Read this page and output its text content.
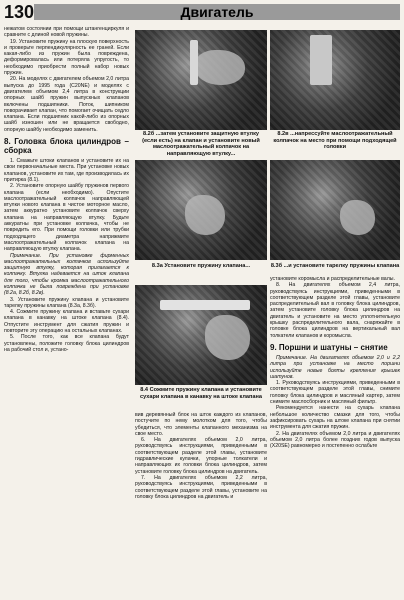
130	Двигатель

нежатом состоянии при помощи штангенциркуля и сравните с длиной новой пружины.

19. Установите пружину на плоскую поверхность и проверьте перпендикулярность ее граней. Если какая-либо из пружин была повреждена, деформировалась или потеряла упругость, то необходимо приобрести полный набор новых пружин.

20. На моделях с двигателем объемом 2,0 литра выпуска до 1995 года (C20NE) и моделях с двигателем объемом 2,4 литра в конструкции опорных шайб пружин выпускных клапанов включены подшипники. Поток, шипником поворачивает клапан, что помогает очищать седло клапана. Если подшипник какой-либо из опорных шайб изношен или не вращается свободно, опорную шайбу необходимо заменить.

8. Головка блока цилиндров – сборка

1. Смажьте штоки клапанов и установите их на свои первоначальные места. При установке новых клапанов, установите их там, где производилась их притирка (8.1).

2. Установите опорную шайбу пружинов первого клапана (если необходимо). Опустите маслоотражательный колпачок направляющей втулки нового клапана в чистое моторное масло, затем аккуратно установите колпачок сверху клапана на направляющую втулку. Будьте аккуратны при установке колпачка, чтобы не повредить его. При помощи головки или трубки подходящего диаметра наприжмите маслоотражательный колпачок клапана на направляющую втулку клапана.

Примечание. При установке фирменных маслоотражательных колпачков используйте защитную втулку, которая прилагается к колпачку. Втулка надевается на шток клапана для того, чтобы кромка маслоотражательного колпачка не была повреждена при установке (8.2а, 8.2б, 8.2в).

3. Установите пружину клапана и установите тарелку пружины клапана (8.3а, 8.3б).

4. Сожмите пружину клапана и вставьте сухари клапана в канавку на штоке клапана (8.4). Отпустите инструмент для сжатия пружин и повторите эту операцию на остальных клапанах.

5. После того, как все клапана будут установлены, положите головку блока цилиндров на рабочий стол и, устано-

8.2б ...затем установите защитную втулку (если есть) на клапан и установите новый маслоотражательный колпачок на направляющую втулку...
8.2в ...напрессуйте маслоотражательный колпачок на место при помощи подходящей головки
8.3а Установите пружину клапана...	8.3б ...и установите тарелку пружины клапана
8.4 Сожмите пружину клапана и установите сухари клапана в канавку на штоке клапана

вив деревянный блок на шток каждого из клапанов, постучите по нему молотком для того, чтобы убедиться, что элементы клапанного механизма на свое место.

6. На двигателях объемом 2,0 литра, руководствуясь инструкциями, приведенными в соответствующем разделе этой главы, установите гидравлические кулачки, упорные толкатели и направляющих их головки блока цилиндров, затем установите головку блока цилиндров на двигатель.

7. На двигателях объемом 2,2 литра, руководствуясь инструкциями, приведенными в соответствующем разделе этой главы, установите на головку блока цилиндров на двигатель и

установите коромысла и распределительные валы.

8. На двигателях объемом 2,4 литра, руководствуясь инструкциями, приведенными в соответствующем разделе этой главы, установите распределительный вал в головку блока цилиндров, затем установите головку блока цилиндров на двигатель и установите на место уплотнительную крышку распределительного вала, снаряжайте в головке блока цилиндров на вертикальный вал толкатели клапанов и коромысла.

9. Поршни и шатуны – снятие

Примечание. На двигателях объемом 2,0 и 2,2 литра при установке на место поршни используйте новые болты крепления крышек шатунов.

1. Руководствуясь инструкциями, приведенными в соответствующем разделе этой главы, снимите головку блока цилиндров и масляный картер, затем снимите маслосборник и масляный фильтр.

Рекомендуется нанести на сухарь клапана небольшое количество смазки для того, чтобы зафиксировать сухарь на штоке клапана при снятии инструмента для сжатия пружин.

2. На двигателях объемом 2,0 литра и двигателях объемом 2,0 литра более поздних годов выпуска (X20SE) равномерно и постепенно ослабьте
